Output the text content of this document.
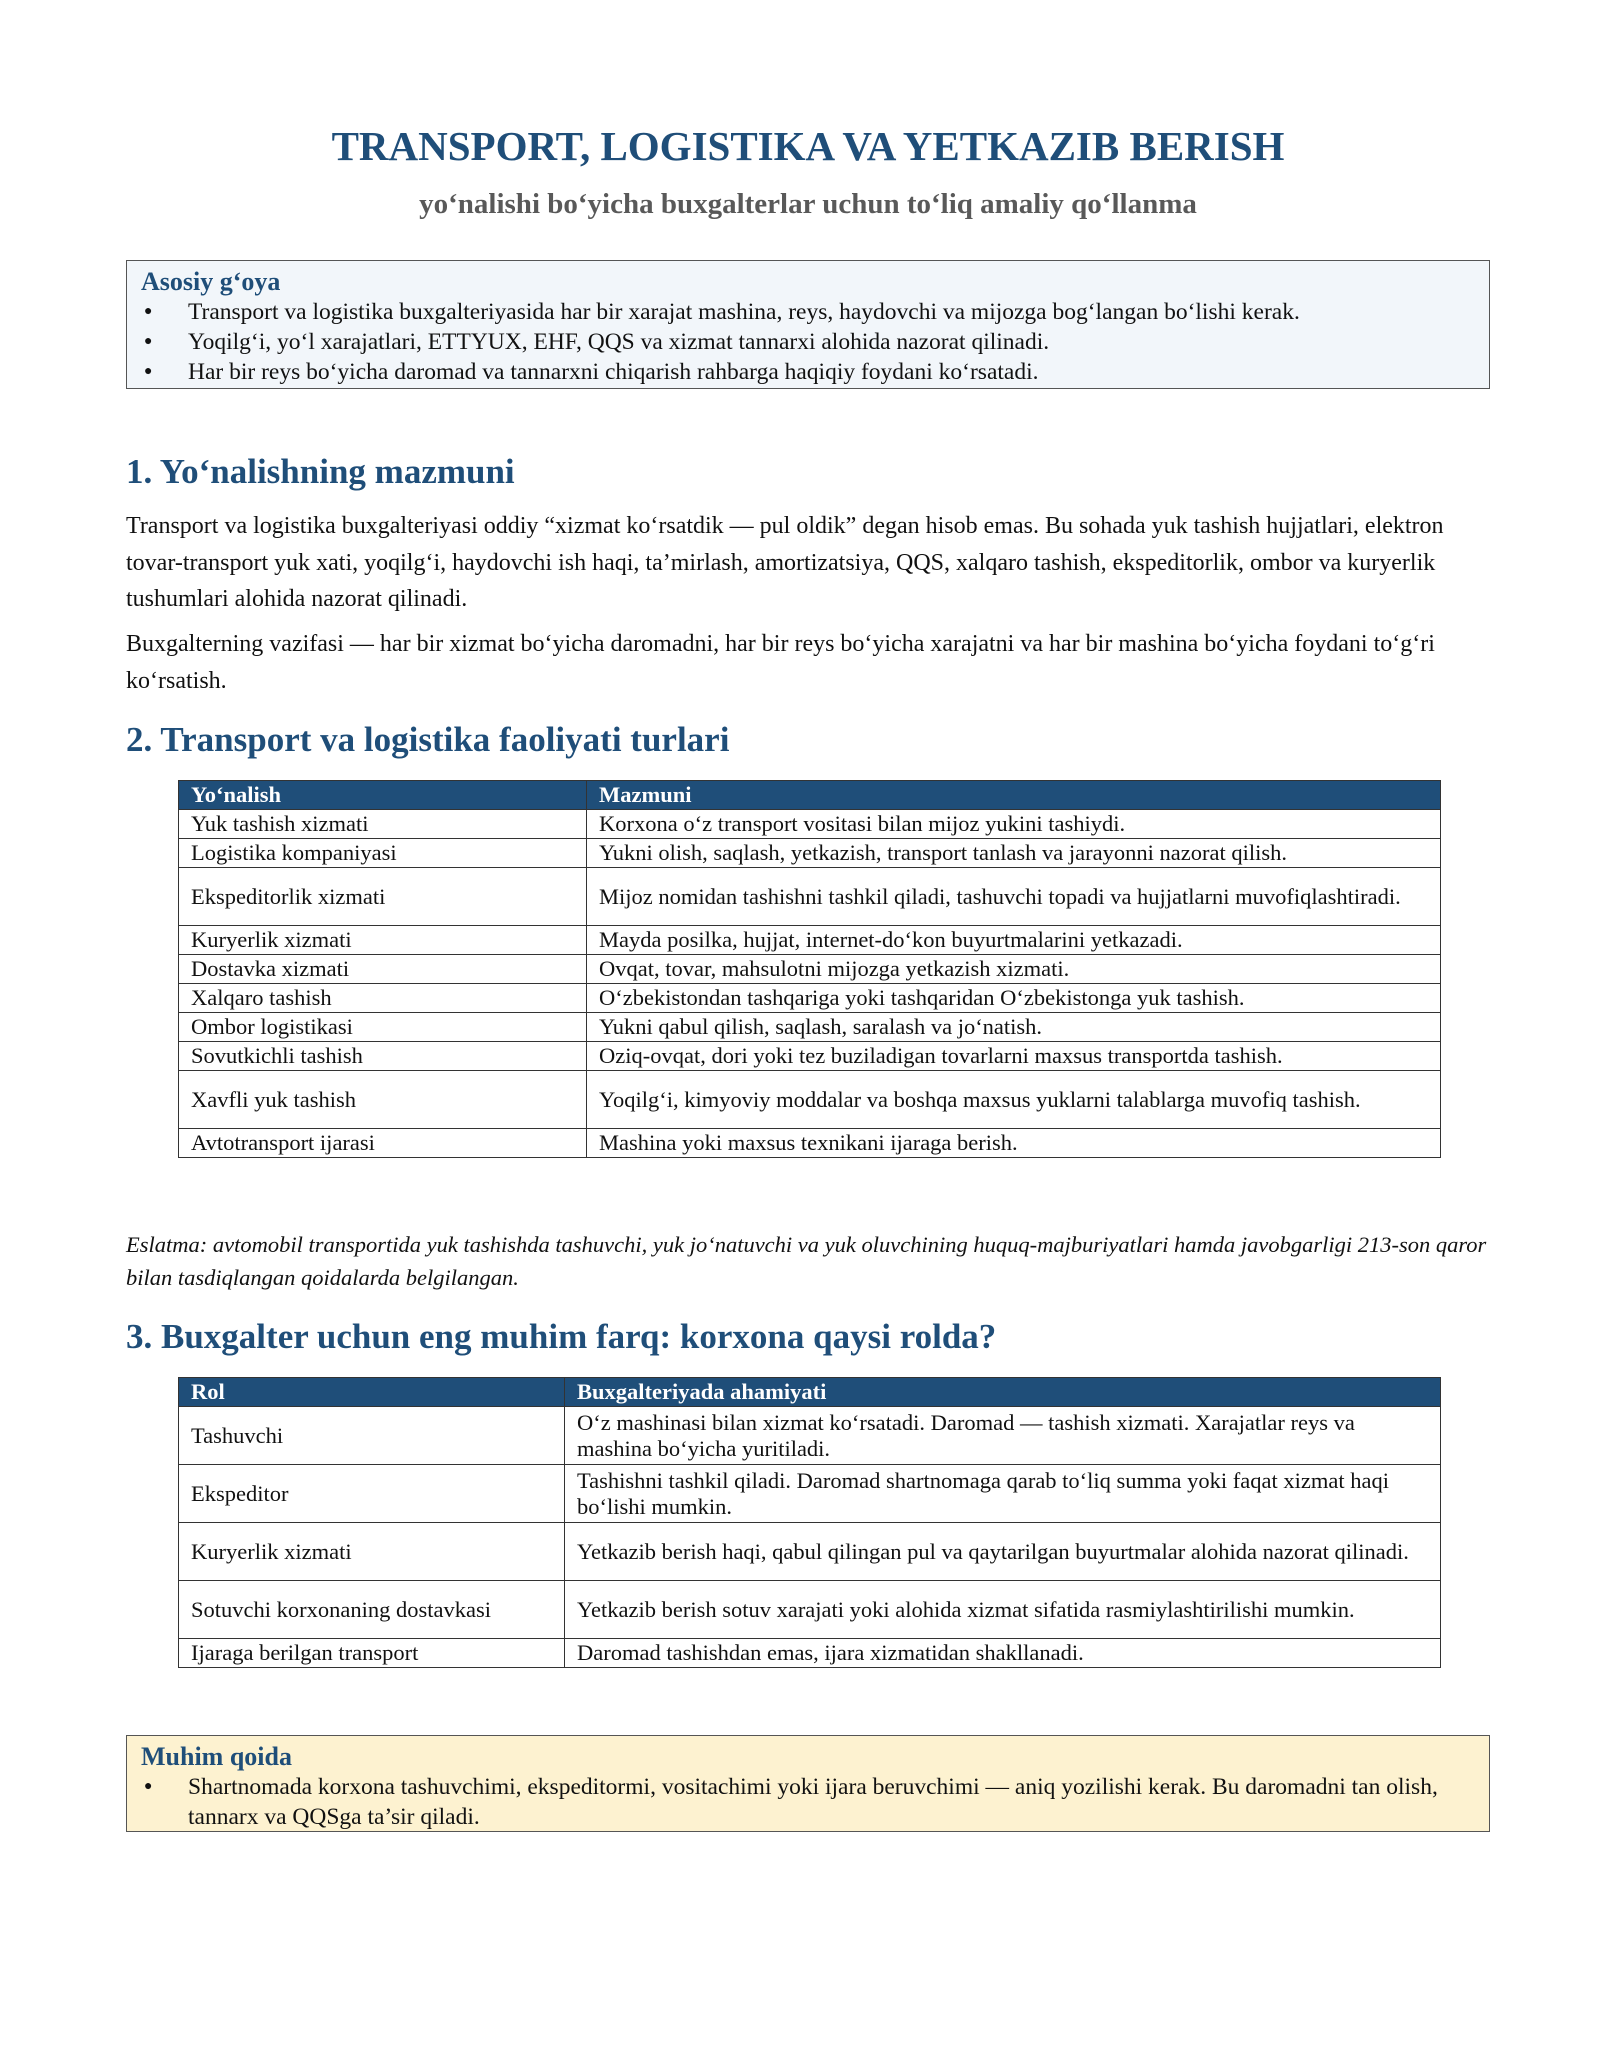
TRANSPORT, LOGISTIKA VA YETKAZIB BERISH
yo‘nalishi bo‘yicha buxgalterlar uchun to‘liq amaliy qo‘llanma
Asosiy g‘oya
● Transport va logistika buxgalteriyasida har bir xarajat mashina, reys, haydovchi va mijozga bog‘langan bo‘lishi kerak.
● Yoqilg‘i, yo‘l xarajatlari, ETTYUX, EHF, QQS va xizmat tannarxi alohida nazorat qilinadi.
● Har bir reys bo‘yicha daromad va tannarxni chiqarish rahbarga haqiqiy foydani ko‘rsatadi.
1. Yo‘nalishning mazmuni

Transport va logistika buxgalteriyasi oddiy “xizmat ko‘rsatdik — pul oldik” degan hisob emas. Bu sohada yuk tashish hujjatlari, elektron tovar-transport yuk xati, yoqilg‘i, haydovchi ish haqi, ta’mirlash, amortizatsiya, QQS, xalqaro tashish, ekspeditorlik, ombor va kuryerlik tushumlari alohida nazorat qilinadi.

Buxgalterning vazifasi — har bir xizmat bo‘yicha daromadni, har bir reys bo‘yicha xarajatni va har bir mashina bo‘yicha foydani to‘g‘ri ko‘rsatish.

2. Transport va logistika faoliyati turlari
Yo‘nalish	Mazmuni
Yuk tashish xizmati	Korxona o‘z transport vositasi bilan mijoz yukini tashiydi.
Logistika kompaniyasi	Yukni olish, saqlash, yetkazish, transport tanlash va jarayonni nazorat qilish.
Ekspeditorlik xizmati	Mijoz nomidan tashishni tashkil qiladi, tashuvchi topadi va hujjatlarni muvofiqlashtiradi.
Kuryerlik xizmati	Mayda posilka, hujjat, internet-do‘kon buyurtmalarini yetkazadi.
Dostavka xizmati	Ovqat, tovar, mahsulotni mijozga yetkazish xizmati.
Xalqaro tashish	O‘zbekistondan tashqariga yoki tashqaridan O‘zbekistonga yuk tashish.
Ombor logistikasi	Yukni qabul qilish, saqlash, saralash va jo‘natish.
Sovutkichli tashish	Oziq-ovqat, dori yoki tez buziladigan tovarlarni maxsus transportda tashish.
Xavfli yuk tashish	Yoqilg‘i, kimyoviy moddalar va boshqa maxsus yuklarni talablarga muvofiq tashish.
Avtotransport ijarasi	Mashina yoki maxsus texnikani ijaraga berish.

Eslatma: avtomobil transportida yuk tashishda tashuvchi, yuk jo‘natuvchi va yuk oluvchining huquq-majburiyatlari hamda javobgarligi 213-son qaror bilan tasdiqlangan qoidalarda belgilangan.

3. Buxgalter uchun eng muhim farq: korxona qaysi rolda?
Rol	Buxgalteriyada ahamiyati
Tashuvchi	O‘z mashinasi bilan xizmat ko‘rsatadi. Daromad — tashish xizmati. Xarajatlar reys va mashina bo‘yicha yuritiladi.
Ekspeditor	Tashishni tashkil qiladi. Daromad shartnomaga qarab to‘liq summa yoki faqat xizmat haqi bo‘lishi mumkin.
Kuryerlik xizmati	Yetkazib berish haqi, qabul qilingan pul va qaytarilgan buyurtmalar alohida nazorat qilinadi.
Sotuvchi korxonaning dostavkasi	Yetkazib berish sotuv xarajati yoki alohida xizmat sifatida rasmiylashtirilishi mumkin.
Ijaraga berilgan transport	Daromad tashishdan emas, ijara xizmatidan shakllanadi.
Muhim qoida
● Shartnomada korxona tashuvchimi, ekspeditormi, vositachimi yoki ijara beruvchimi — aniq yozilishi kerak. Bu daromadni tan olish, tannarx va QQSga ta’sir qiladi.
